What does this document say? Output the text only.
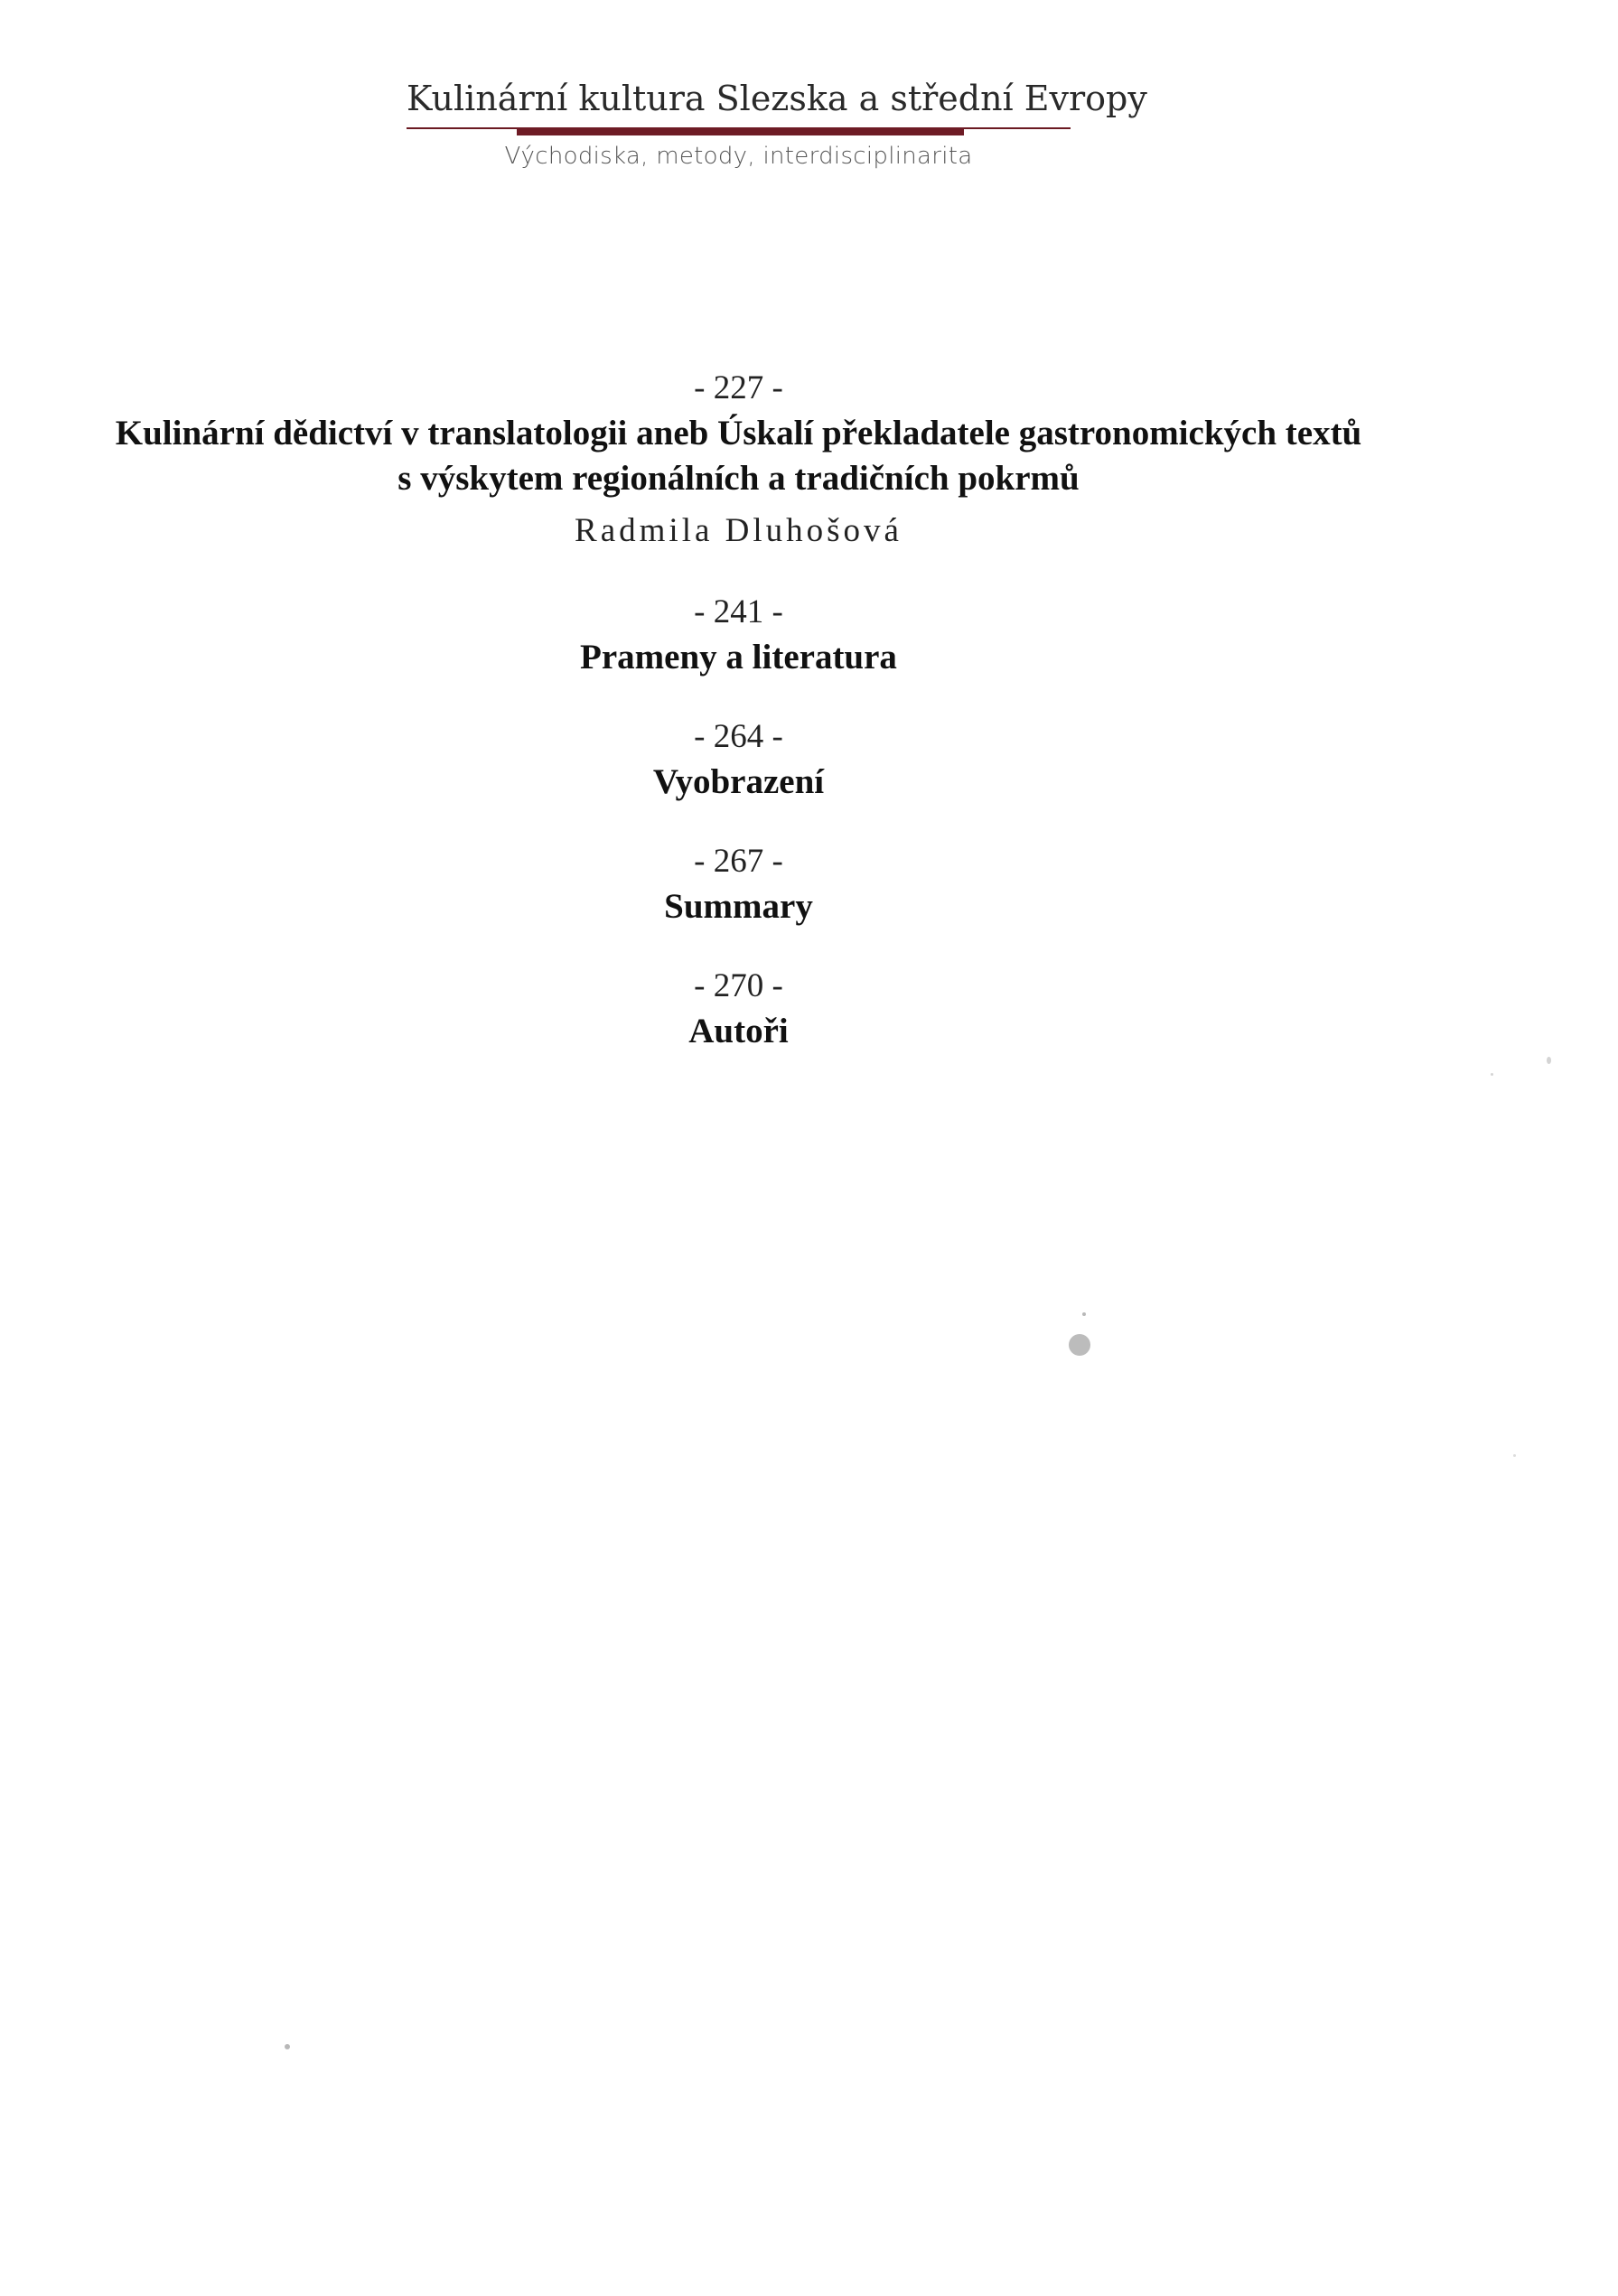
Kulinární kultura Slezska a střední Evropy
Východiska, metody, interdisciplinarita
- 227 -
Kulinární dědictví v translatologii aneb Úskalí překladatele gastronomických textů
s výskytem regionálních a tradičních pokrmů
Radmila Dluhošová
- 241 -
Prameny a literatura
- 264 -
Vyobrazení
- 267 -
Summary
- 270 -
Autoři
